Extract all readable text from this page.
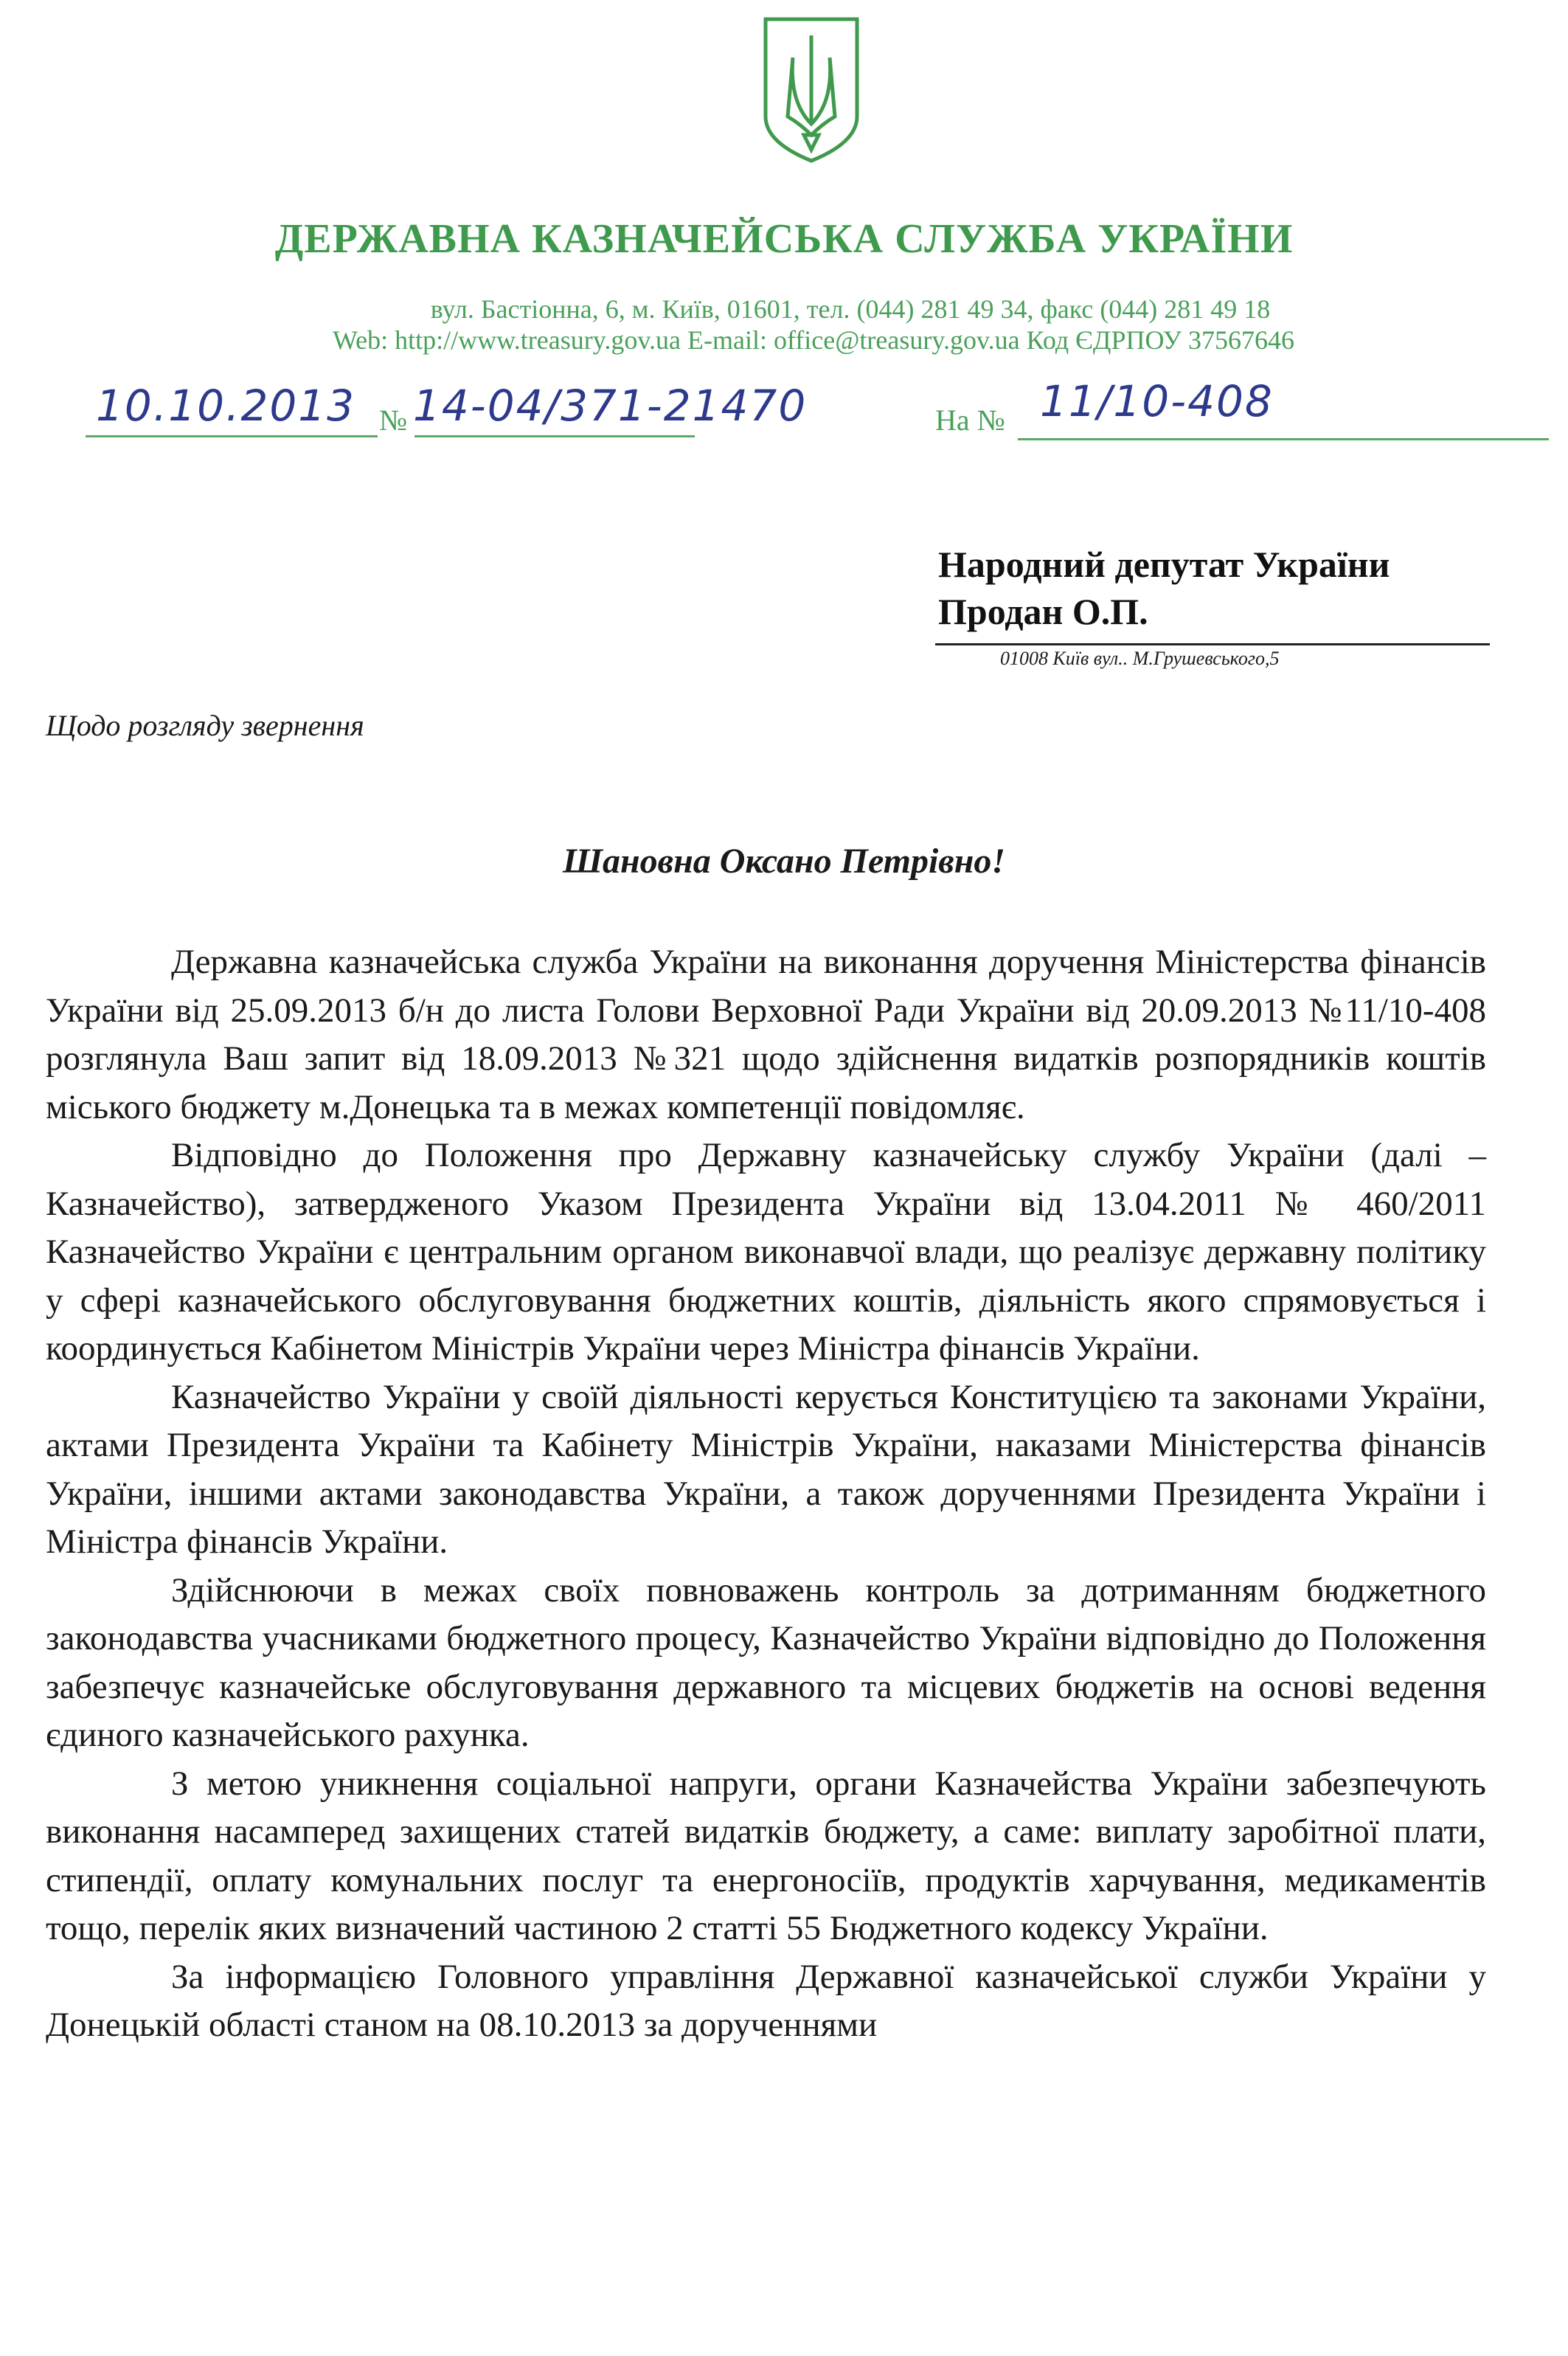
ДЕРЖАВНА КАЗНАЧЕЙСЬКА СЛУЖБА УКРАЇНИ
вул. Бастіонна, 6, м. Київ, 01601, тел. (044) 281 49 34, факс (044) 281 49 18
Web: http://www.treasury.gov.ua E-mail: office@treasury.gov.ua Код ЄДРПОУ 37567646
10.10.2013 № 14-04/371-21470	На № 11/10-408
Народний депутат України
Продан О.П.
01008 Київ вул.. М.Грушевського,5
Щодо розгляду звернення
Шановна Оксано Петрівно!

Державна казначейська служба України на виконання доручення Міністерства фінансів України від 25.09.2013 б/н до листа Голови Верховної Ради України від 20.09.2013 №11/10-408 розглянула Ваш запит від 18.09.2013 №321 щодо здійснення видатків розпорядників коштів міського бюджету м.Донецька та в межах компетенції повідомляє.

Відповідно до Положення про Державну казначейську службу України (далі – Казначейство), затвердженого Указом Президента України від 13.04.2011 № 460/2011 Казначейство України є центральним органом виконавчої влади, що реалізує державну політику у сфері казначейського обслуговування бюджетних коштів, діяльність якого спрямовується і координується Кабінетом Міністрів України через Міністра фінансів України.

Казначейство України у своїй діяльності керується Конституцією та законами України, актами Президента України та Кабінету Міністрів України, наказами Міністерства фінансів України, іншими актами законодавства України, а також дорученнями Президента України і Міністра фінансів України.

Здійснюючи в межах своїх повноважень контроль за дотриманням бюджетного законодавства учасниками бюджетного процесу, Казначейство України відповідно до Положення забезпечує казначейське обслуговування державного та місцевих бюджетів на основі ведення єдиного казначейського рахунка.

З метою уникнення соціальної напруги, органи Казначейства України забезпечують виконання насамперед захищених статей видатків бюджету, а саме: виплату заробітної плати, стипендії, оплату комунальних послуг та енергоносіїв, продуктів харчування, медикаментів тощо, перелік яких визначений частиною 2 статті 55 Бюджетного кодексу України.

За інформацією Головного управління Державної казначейської служби України у Донецькій області станом на 08.10.2013 за дорученнями
